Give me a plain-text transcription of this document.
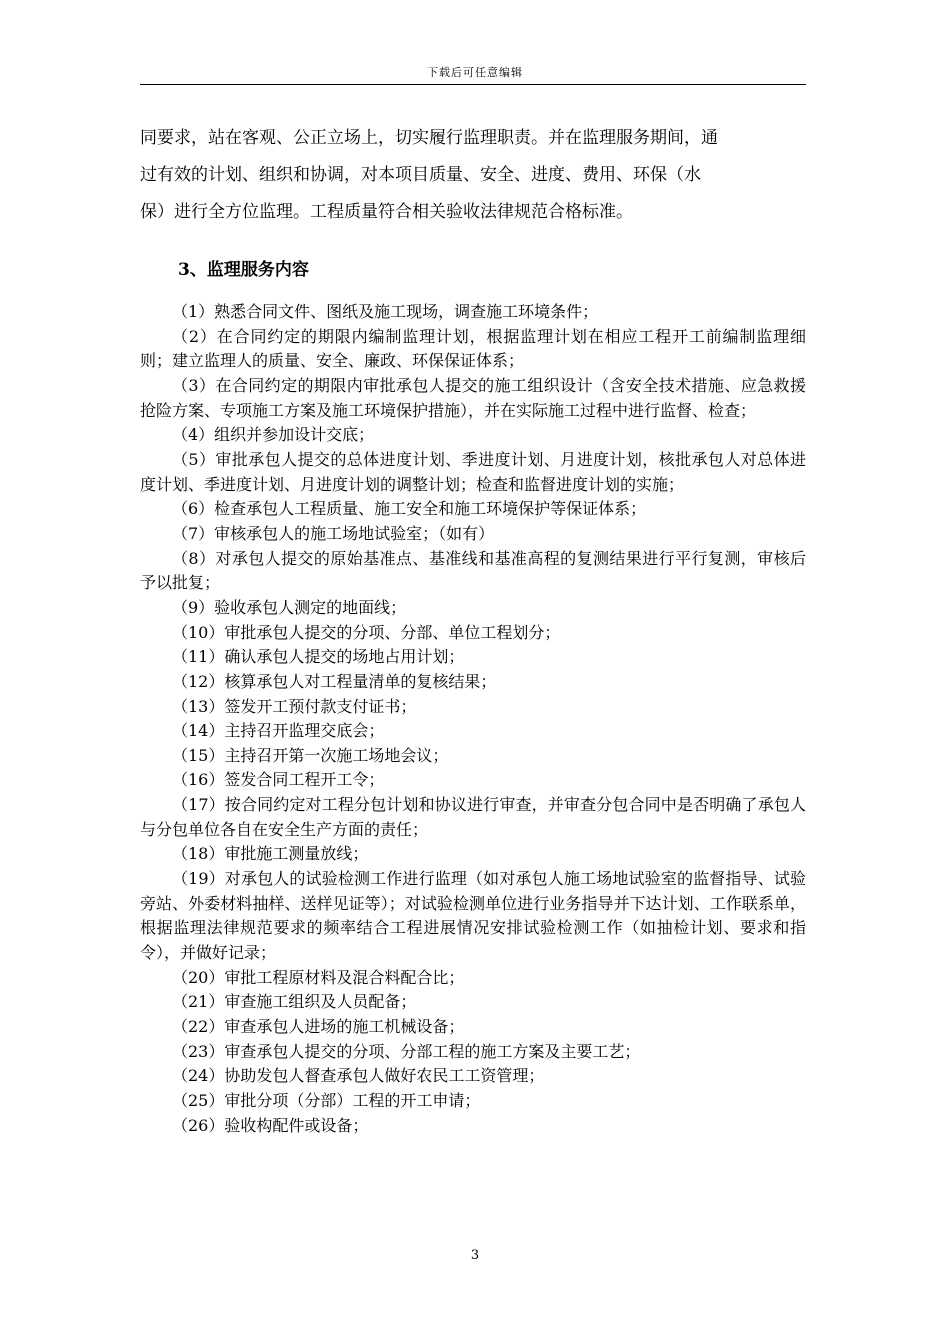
下载后可任意编辑
同要求，站在客观、公正立场上，切实履行监理职责。并在监理服务期间，通
过有效的计划、组织和协调，对本项目质量、安全、进度、费用、环保（水
保）进行全方位监理。工程质量符合相关验收法律规范合格标准。
3、监理服务内容
（1）熟悉合同文件、图纸及施工现场，调查施工环境条件；
（2）在合同约定的期限内编制监理计划，根据监理计划在相应工程开工前编制监理细则；建立监理人的质量、安全、廉政、环保保证体系；
（3）在合同约定的期限内审批承包人提交的施工组织设计（含安全技术措施、应急救援抢险方案、专项施工方案及施工环境保护措施），并在实际施工过程中进行监督、检查；
（4）组织并参加设计交底；
（5）审批承包人提交的总体进度计划、季进度计划、月进度计划，核批承包人对总体进度计划、季进度计划、月进度计划的调整计划；检查和监督进度计划的实施；
（6）检查承包人工程质量、施工安全和施工环境保护等保证体系；
（7）审核承包人的施工场地试验室；（如有）
（8）对承包人提交的原始基准点、基准线和基准高程的复测结果进行平行复测，审核后予以批复；
（9）验收承包人测定的地面线；
（10）审批承包人提交的分项、分部、单位工程划分；
（11）确认承包人提交的场地占用计划；
（12）核算承包人对工程量清单的复核结果；
（13）签发开工预付款支付证书；
（14）主持召开监理交底会；
（15）主持召开第一次施工场地会议；
（16）签发合同工程开工令；
（17）按合同约定对工程分包计划和协议进行审查，并审查分包合同中是否明确了承包人与分包单位各自在安全生产方面的责任；
（18）审批施工测量放线；
（19）对承包人的试验检测工作进行监理（如对承包人施工场地试验室的监督指导、试验旁站、外委材料抽样、送样见证等）；对试验检测单位进行业务指导并下达计划、工作联系单，根据监理法律规范要求的频率结合工程进展情况安排试验检测工作（如抽检计划、要求和指令），并做好记录；
（20）审批工程原材料及混合料配合比；
（21）审查施工组织及人员配备；
（22）审查承包人进场的施工机械设备；
（23）审查承包人提交的分项、分部工程的施工方案及主要工艺；
（24）协助发包人督查承包人做好农民工工资管理；
（25）审批分项（分部）工程的开工申请；
（26）验收构配件或设备；
3
